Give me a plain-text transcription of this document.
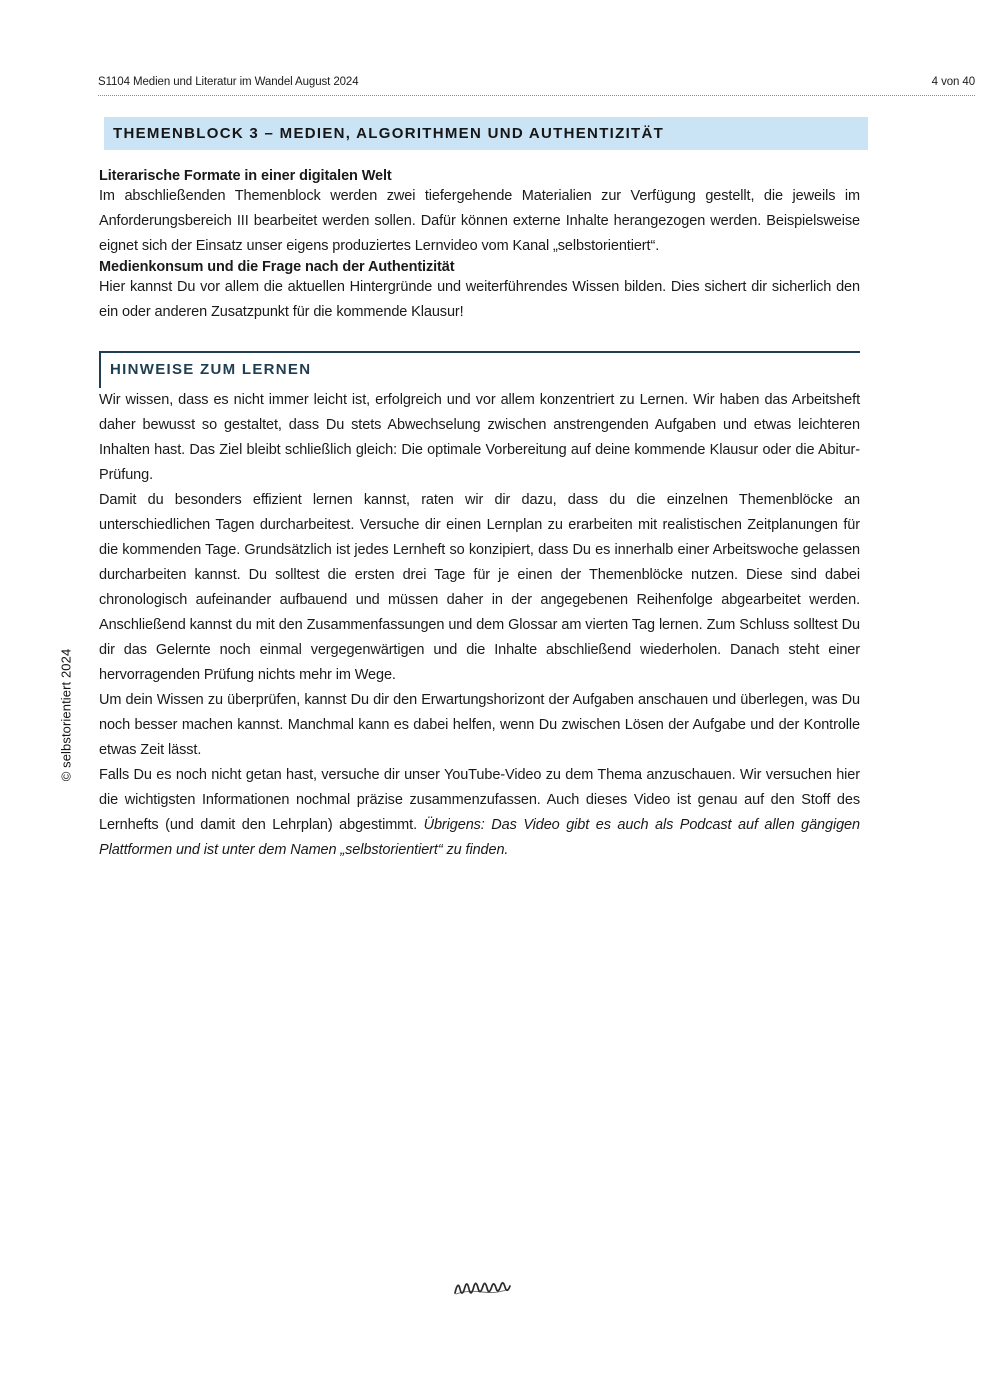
S1104 Medien und Literatur im Wandel August 2024	4 von 40
THEMENBLOCK 3 – MEDIEN, ALGORITHMEN UND AUTHENTIZITÄT
Literarische Formate in einer digitalen Welt

Im abschließenden Themenblock werden zwei tiefergehende Materialien zur Verfügung gestellt, die jeweils im Anforderungsbereich III bearbeitet werden sollen. Dafür können externe Inhalte herangezogen werden. Beispielsweise eignet sich der Einsatz unser eigens produziertes Lernvideo vom Kanal „selbstorientiert“.

Medienkonsum und die Frage nach der Authentizität

Hier kannst Du vor allem die aktuellen Hintergründe und weiterführendes Wissen bilden. Dies sichert dir sicherlich den ein oder anderen Zusatzpunkt für die kommende Klausur!

HINWEISE ZUM LERNEN

Wir wissen, dass es nicht immer leicht ist, erfolgreich und vor allem konzentriert zu Lernen. Wir haben das Arbeitsheft daher bewusst so gestaltet, dass Du stets Abwechselung zwischen anstrengenden Aufgaben und etwas leichteren Inhalten hast. Das Ziel bleibt schließlich gleich: Die optimale Vorbereitung auf deine kommende Klausur oder die Abitur-Prüfung.

Damit du besonders effizient lernen kannst, raten wir dir dazu, dass du die einzelnen Themenblöcke an unterschiedlichen Tagen durcharbeitest. Versuche dir einen Lernplan zu erarbeiten mit realistischen Zeitplanungen für die kommenden Tage. Grundsätzlich ist jedes Lernheft so konzipiert, dass Du es innerhalb einer Arbeitswoche gelassen durcharbeiten kannst. Du solltest die ersten drei Tage für je einen der Themenblöcke nutzen. Diese sind dabei chronologisch aufeinander aufbauend und müssen daher in der angegebenen Reihenfolge abgearbeitet werden. Anschließend kannst du mit den Zusammenfassungen und dem Glossar am vierten Tag lernen. Zum Schluss solltest Du dir das Gelernte noch einmal vergegenwärtigen und die Inhalte abschließend wiederholen. Danach steht einer hervorragenden Prüfung nichts mehr im Wege.

Um dein Wissen zu überprüfen, kannst Du dir den Erwartungshorizont der Aufgaben anschauen und überlegen, was Du noch besser machen kannst. Manchmal kann es dabei helfen, wenn Du zwischen Lösen der Aufgabe und der Kontrolle etwas Zeit lässt.

Falls Du es noch nicht getan hast, versuche dir unser YouTube-Video zu dem Thema anzuschauen. Wir versuchen hier die wichtigsten Informationen nochmal präzise zusammenzufassen. Auch dieses Video ist genau auf den Stoff des Lernhefts (und damit den Lehrplan) abgestimmt. Übrigens: Das Video gibt es auch als Podcast auf allen gängigen Plattformen und ist unter dem Namen „selbstorientiert“ zu finden.

© selbstorientiert 2024
